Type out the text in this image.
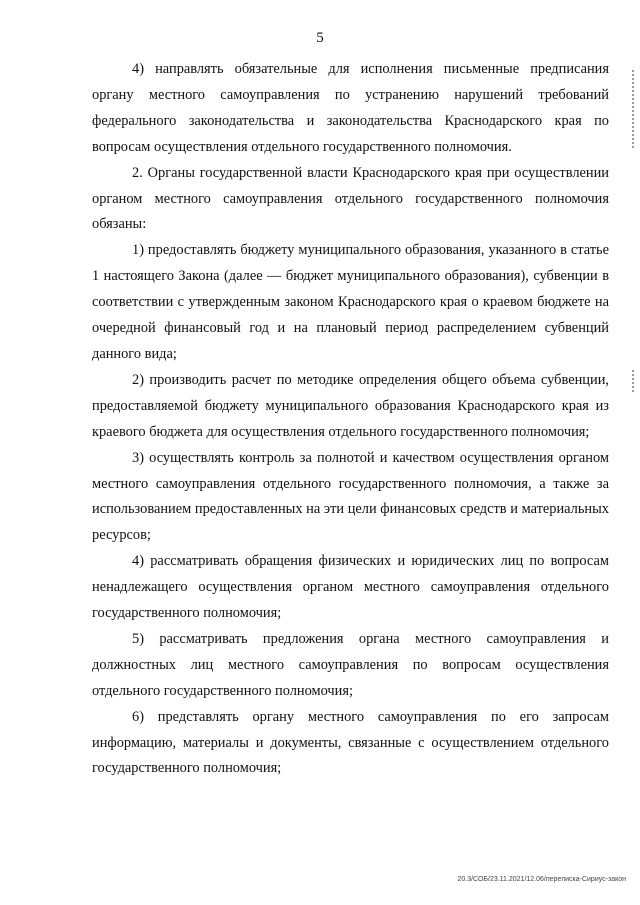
5

4) направлять обязательные для исполнения письменные предписания органу местного самоуправления по устранению нарушений требований федерального законодательства и законодательства Краснодарского края по вопросам осуществления отдельного государственного полномочия.

2. Органы государственной власти Краснодарского края при осуществлении органом местного самоуправления отдельного государственного полномочия обязаны:

1) предоставлять бюджету муниципального образования, указанного в статье 1 настоящего Закона (далее — бюджет муниципального образования), субвенции в соответствии с утвержденным законом Краснодарского края о краевом бюджете на очередной финансовый год и на плановый период распределением субвенций данного вида;

2) производить расчет по методике определения общего объема субвенции, предоставляемой бюджету муниципального образования Краснодарского края из краевого бюджета для осуществления отдельного государственного полномочия;

3) осуществлять контроль за полнотой и качеством осуществления органом местного самоуправления отдельного государственного полномочия, а также за использованием предоставленных на эти цели финансовых средств и материальных ресурсов;

4) рассматривать обращения физических и юридических лиц по вопросам ненадлежащего осуществления органом местного самоуправления отдельного государственного полномочия;

5) рассматривать предложения органа местного самоуправления и должностных лиц местного самоуправления по вопросам осуществления отдельного государственного полномочия;

6) представлять органу местного самоуправления по его запросам информацию, материалы и документы, связанные с осуществлением отдельного государственного полномочия;

20.3/СОБ/23.11.2021/12.06/переписка-Сириус-закон
